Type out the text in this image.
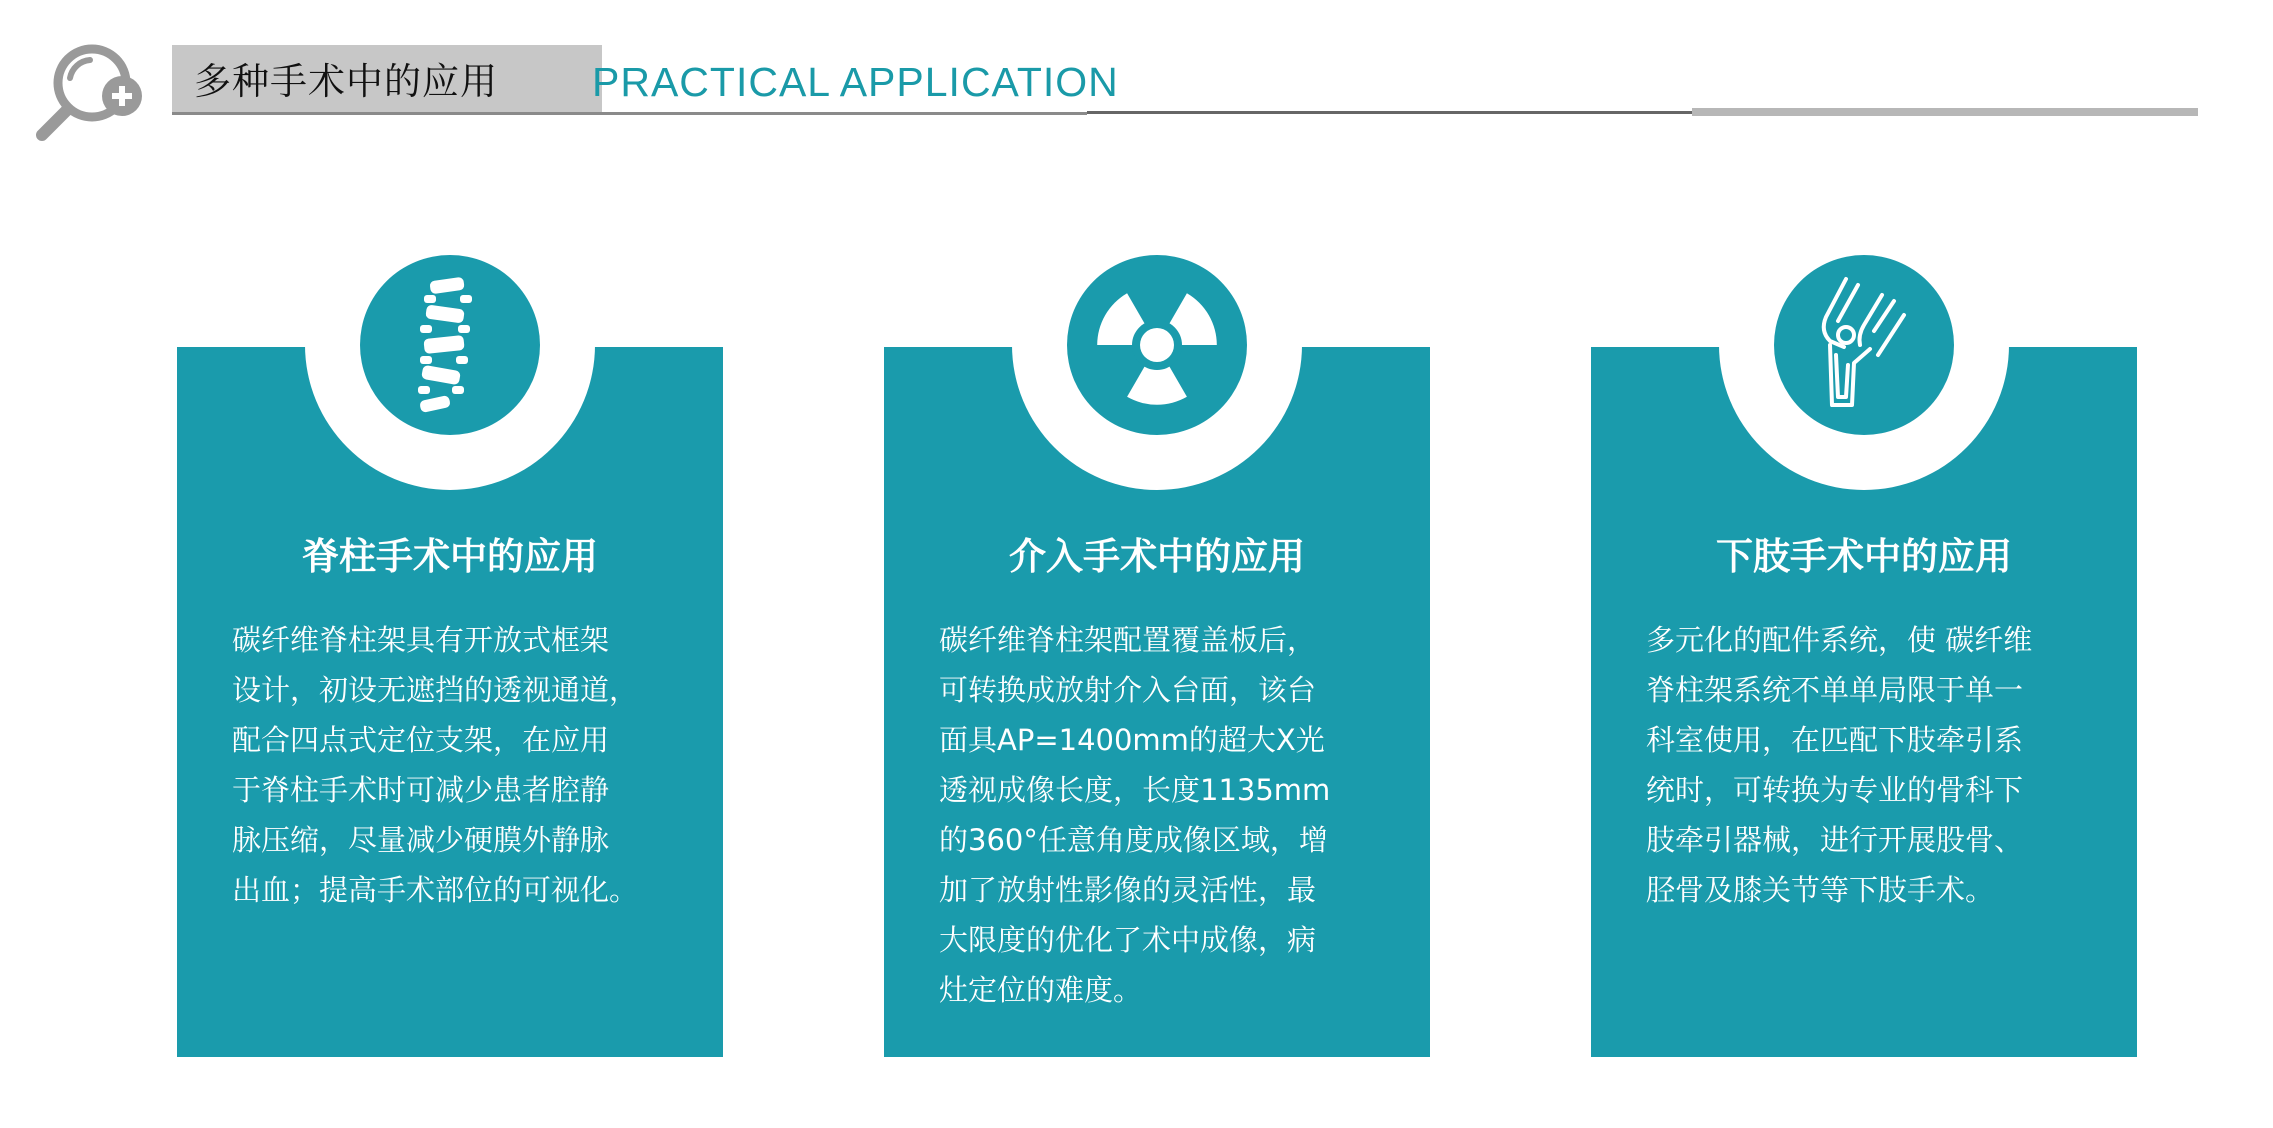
多种手术中的应用 PRACTICAL APPLICATION
脊柱手术中的应用
碳纤维脊柱架具有开放式框架
设计，初设无遮挡的透视通道，
配合四点式定位支架，在应用
于脊柱手术时可减少患者腔静
脉压缩，尽量减少硬膜外静脉
出血；提高手术部位的可视化。
介入手术中的应用
碳纤维脊柱架配置覆盖板后，
可转换成放射介入台面，该台
面具AP=1400mm的超大X光
透视成像长度，长度1135mm
的360°任意角度成像区域，增
加了放射性影像的灵活性，最
大限度的优化了术中成像，病
灶定位的难度。
下肢手术中的应用
多元化的配件系统，使 碳纤维
脊柱架系统不单单局限于单一
科室使用，在匹配下肢牵引系
统时，可转换为专业的骨科下
肢牵引器械，进行开展股骨、
胫骨及膝关节等下肢手术。
